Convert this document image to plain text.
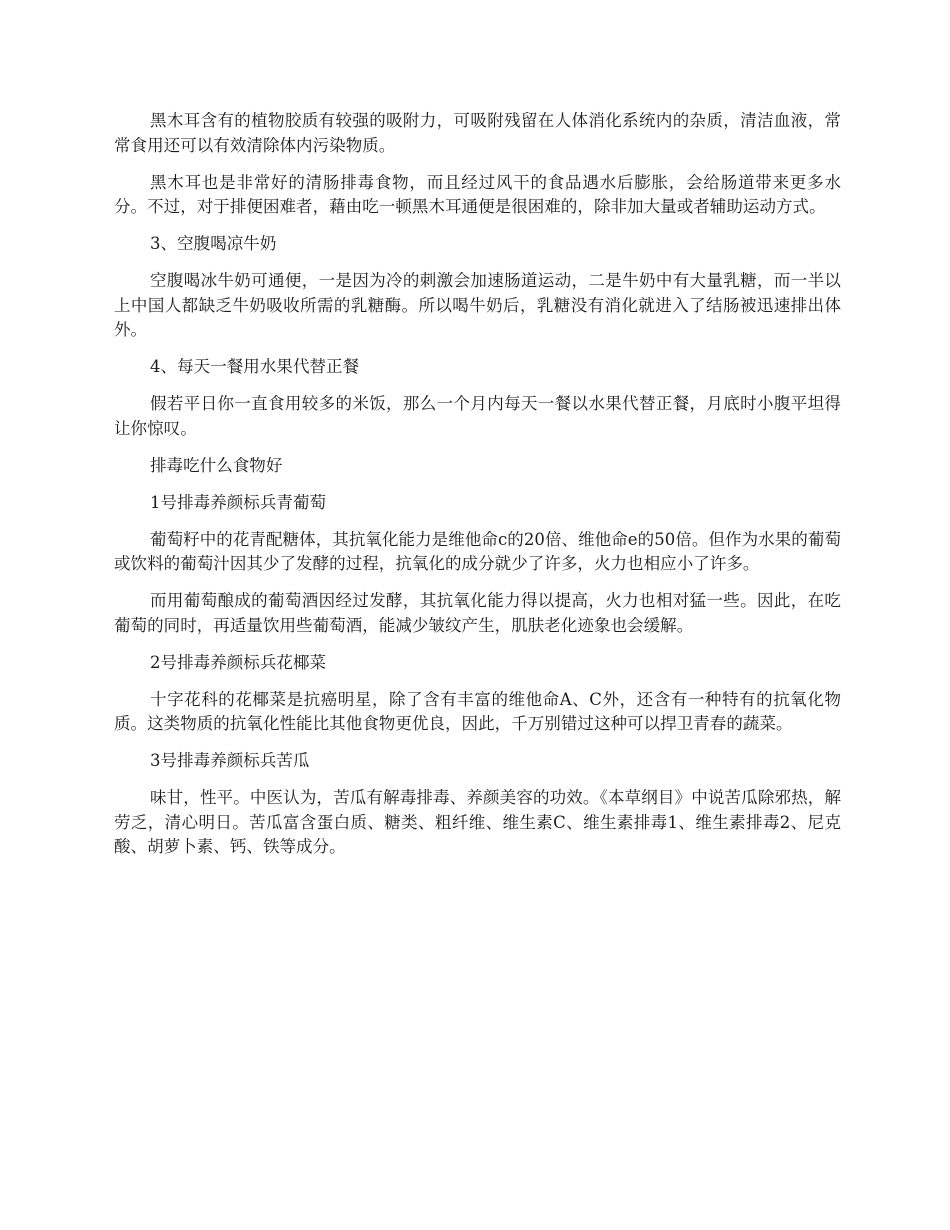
黑木耳含有的植物胶质有较强的吸附力，可吸附残留在人体消化系统内的杂质，清洁血液，常常食用还可以有效清除体内污染物质。

黑木耳也是非常好的清肠排毒食物，而且经过风干的食品遇水后膨胀，会给肠道带来更多水分。不过，对于排便困难者，藉由吃一顿黑木耳通便是很困难的，除非加大量或者辅助运动方式。

3、空腹喝凉牛奶

空腹喝冰牛奶可通便，一是因为冷的刺激会加速肠道运动，二是牛奶中有大量乳糖，而一半以上中国人都缺乏牛奶吸收所需的乳糖酶。所以喝牛奶后，乳糖没有消化就进入了结肠被迅速排出体外。

4、每天一餐用水果代替正餐

假若平日你一直食用较多的米饭，那么一个月内每天一餐以水果代替正餐，月底时小腹平坦得让你惊叹。

排毒吃什么食物好

1号排毒养颜标兵青葡萄

葡萄籽中的花青配糖体，其抗氧化能力是维他命c的20倍、维他命e的50倍。但作为水果的葡萄或饮料的葡萄汁因其少了发酵的过程，抗氧化的成分就少了许多，火力也相应小了许多。

而用葡萄酿成的葡萄酒因经过发酵，其抗氧化能力得以提高，火力也相对猛一些。因此，在吃葡萄的同时，再适量饮用些葡萄酒，能减少皱纹产生，肌肤老化迹象也会缓解。

2号排毒养颜标兵花椰菜

十字花科的花椰菜是抗癌明星，除了含有丰富的维他命A、C外，还含有一种特有的抗氧化物质。这类物质的抗氧化性能比其他食物更优良，因此，千万别错过这种可以捍卫青春的蔬菜。

3号排毒养颜标兵苦瓜

味甘，性平。中医认为，苦瓜有解毒排毒、养颜美容的功效。《本草纲目》中说苦瓜除邪热，解劳乏，清心明日。苦瓜富含蛋白质、糖类、粗纤维、维生素C、维生素排毒1、维生素排毒2、尼克酸、胡萝卜素、钙、铁等成分。
